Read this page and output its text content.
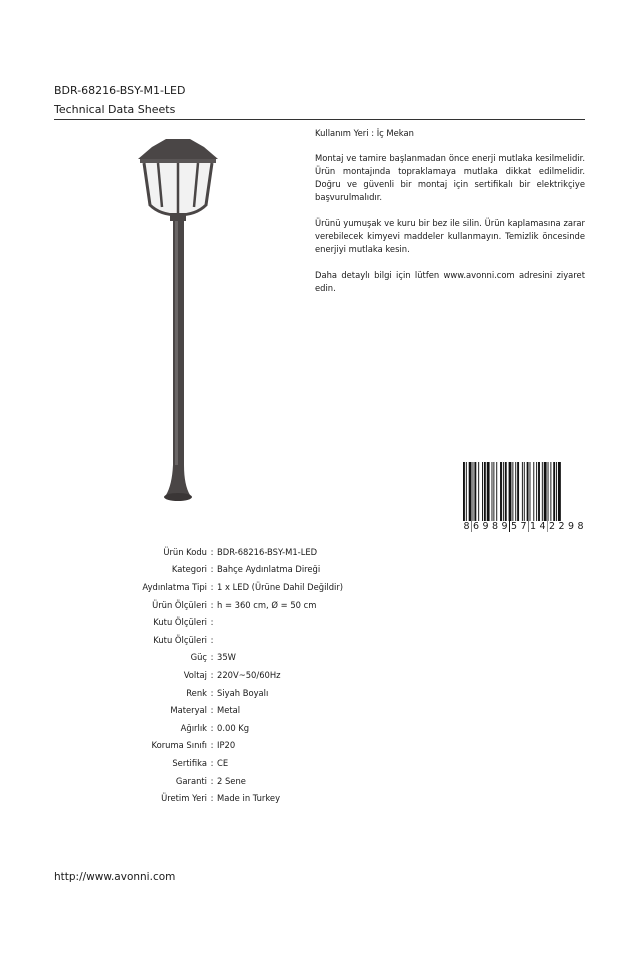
BDR-68216-BSY-M1-LED
Technical Data Sheets

Kullanım Yeri : İç Mekan

Montaj ve tamire başlanmadan önce enerji mutlaka kesilmelidir. Ürün montajında topraklamaya mutlaka dikkat edilmelidir. Doğru ve güvenli bir montaj için sertifikalı bir elektrikçiye başvurulmalıdır.

Ürünü yumuşak ve kuru bir bez ile silin. Ürün kaplamasına zarar verebilecek kimyevi maddeler kullanmayın. Temizlik öncesinde enerjiyi mutlaka kesin.

Daha detaylı bilgi için lütfen www.avonni.com adresini ziyaret edin.

8 6 9 8 9 5 7 1 4 2 2 9 8
Ürün Kodu : BDR-68216-BSY-M1-LED
Kategori : Bahçe Aydınlatma Direği
Aydınlatma Tipi : 1 x LED (Ürüne Dahil Değildir)
Ürün Ölçüleri : h = 360 cm, Ø = 50 cm
Kutu Ölçüleri :
Kutu Ölçüleri :
Güç : 35W
Voltaj : 220V~50/60Hz
Renk : Siyah Boyalı
Materyal : Metal
Ağırlık : 0.00 Kg
Koruma Sınıfı : IP20
Sertifika : CE
Garanti : 2 Sene
Üretim Yeri : Made in Turkey
http://www.avonni.com
